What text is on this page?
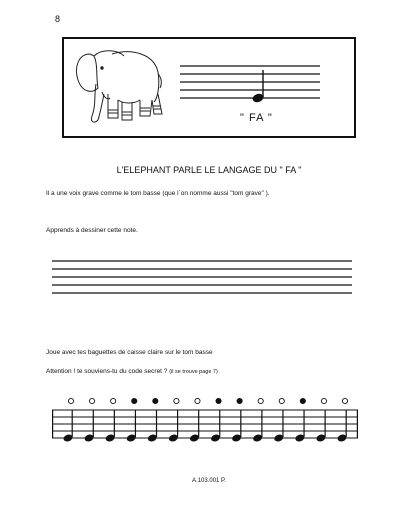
8
" FA "
L'ELEPHANT PARLE LE LANGAGE DU " FA "
Il a une voix grave comme le tom basse (que l`on nomme aussi "tom grave" ).
Apprends à dessiner cette note.
Joue avec tes baguettes de caisse claire sur le tom basse
Attention ! te souviens-tu du code secret ? (il se trouve page 7)
A.103.001 P.
